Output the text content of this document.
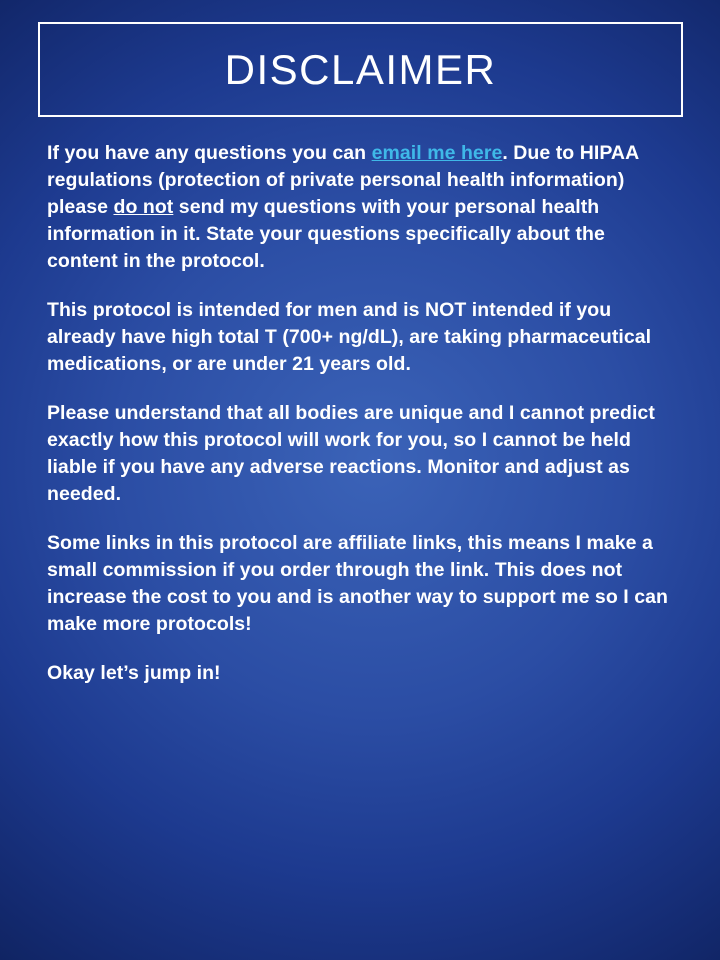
DISCLAIMER
If you have any questions you can email me here. Due to HIPAA regulations (protection of private personal health information) please do not send my questions with your personal health information in it. State your questions specifically about the content in the protocol.
This protocol is intended for men and is NOT intended if you already have high total T (700+ ng/dL), are taking pharmaceutical medications, or are under 21 years old.
Please understand that all bodies are unique and I cannot predict exactly how this protocol will work for you, so I cannot be held liable if you have any adverse reactions. Monitor and adjust as needed.
Some links in this protocol are affiliate links, this means I make a small commission if you order through the link. This does not increase the cost to you and is another way to support me so I can make more protocols!
Okay let’s jump in!
